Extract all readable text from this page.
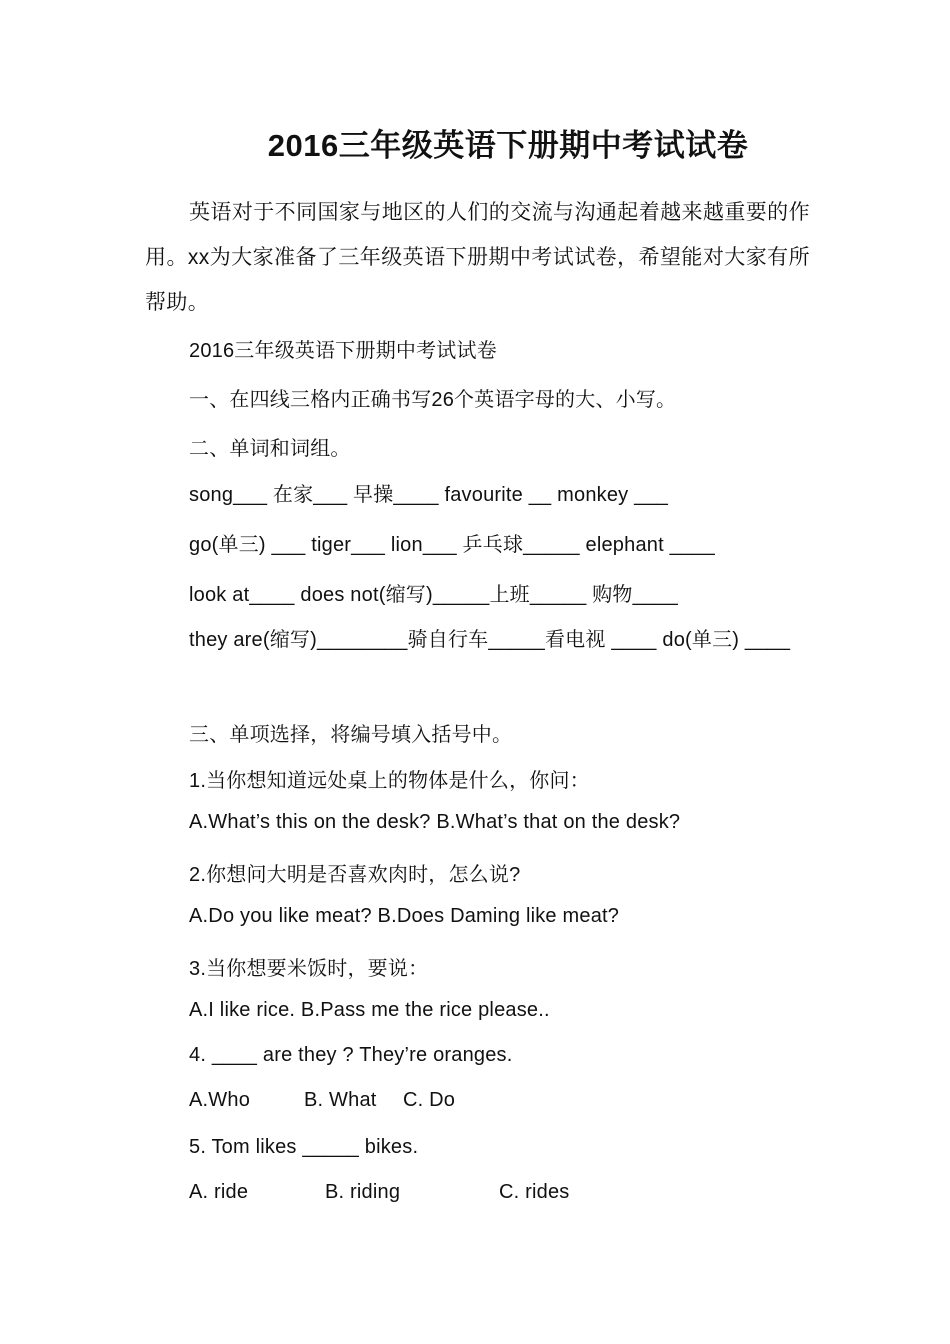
2016三年级英语下册期中考试试卷
英语对于不同国家与地区的人们的交流与沟通起着越来越重要的作用。xx为大家准备了三年级英语下册期中考试试卷，希望能对大家有所帮助。
2016三年级英语下册期中考试试卷
一、在四线三格内正确书写26个英语字母的大、小写。
二、单词和词组。
song___ 在家___ 早操____ favourite __ monkey ___
go(单三) ___ tiger___ lion___ 乒乓球_____ elephant ____
look at____ does not(缩写)_____上班_____ 购物____
they are(缩写)________骑自行车_____看电视 ____ do(单三) ____
三、单项选择，将编号填入括号中。
1.当你想知道远处桌上的物体是什么，你问：
A.What’s this on the desk? B.What’s that on the desk?
2.你想问大明是否喜欢肉时，怎么说?
A.Do you like meat? B.Does Daming like meat?
3.当你想要米饭时，要说：
A.I like rice. B.Pass me the rice please..
4. ____ are they ? They’re oranges.
A.Who	B. What C. Do
5. Tom likes _____ bikes.
A. ride	B. riding	C. rides
